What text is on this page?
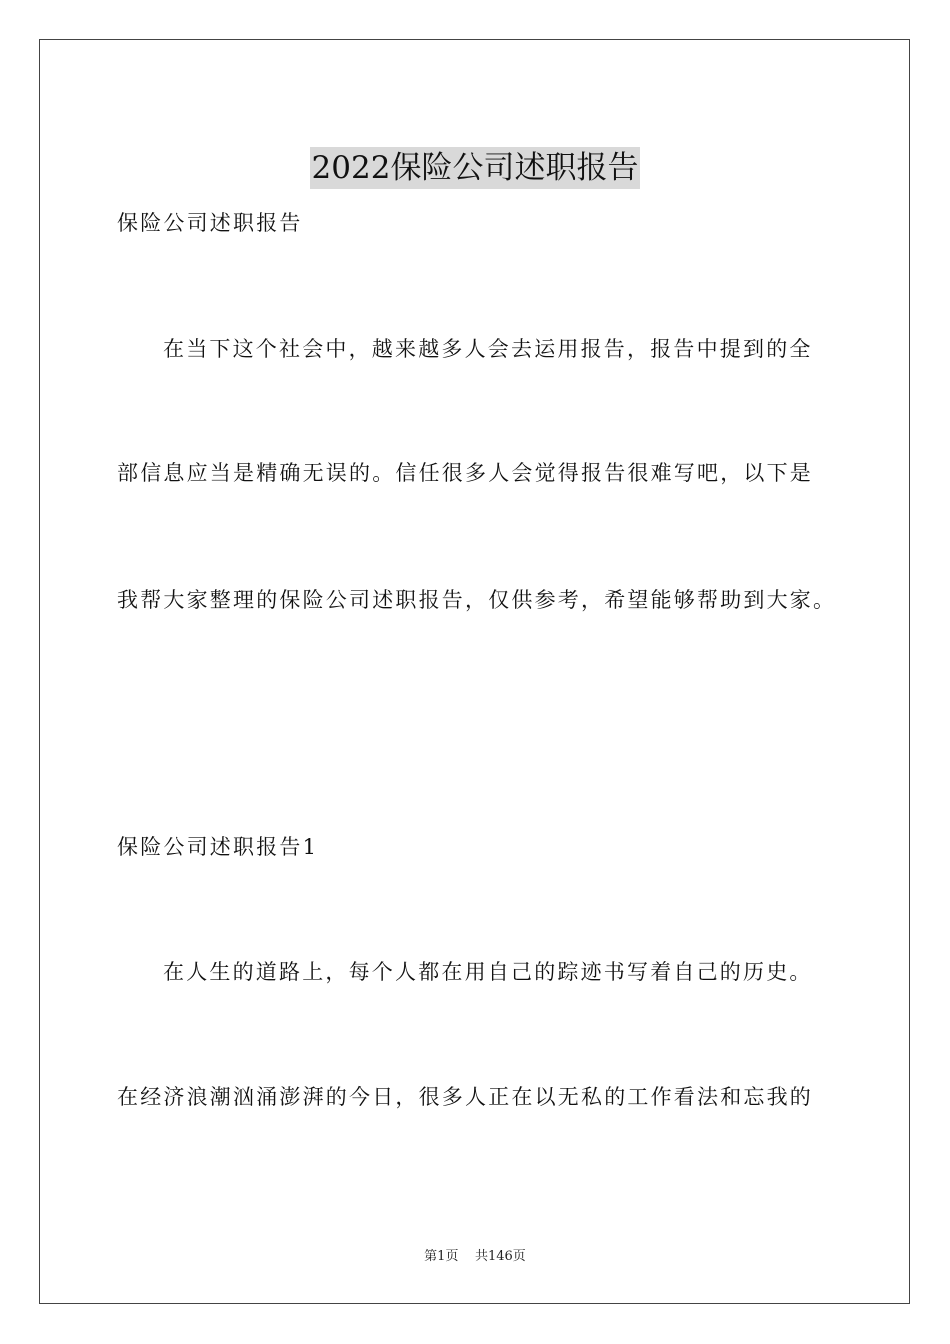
2022保险公司述职报告
保险公司述职报告
在当下这个社会中，越来越多人会去运用报告，报告中提到的全
部信息应当是精确无误的。信任很多人会觉得报告很难写吧，以下是
我帮大家整理的保险公司述职报告，仅供参考，希望能够帮助到大家。
保险公司述职报告1
在人生的道路上，每个人都在用自己的踪迹书写着自己的历史。
在经济浪潮汹涌澎湃的今日，很多人正在以无私的工作看法和忘我的
第1页 共146页
